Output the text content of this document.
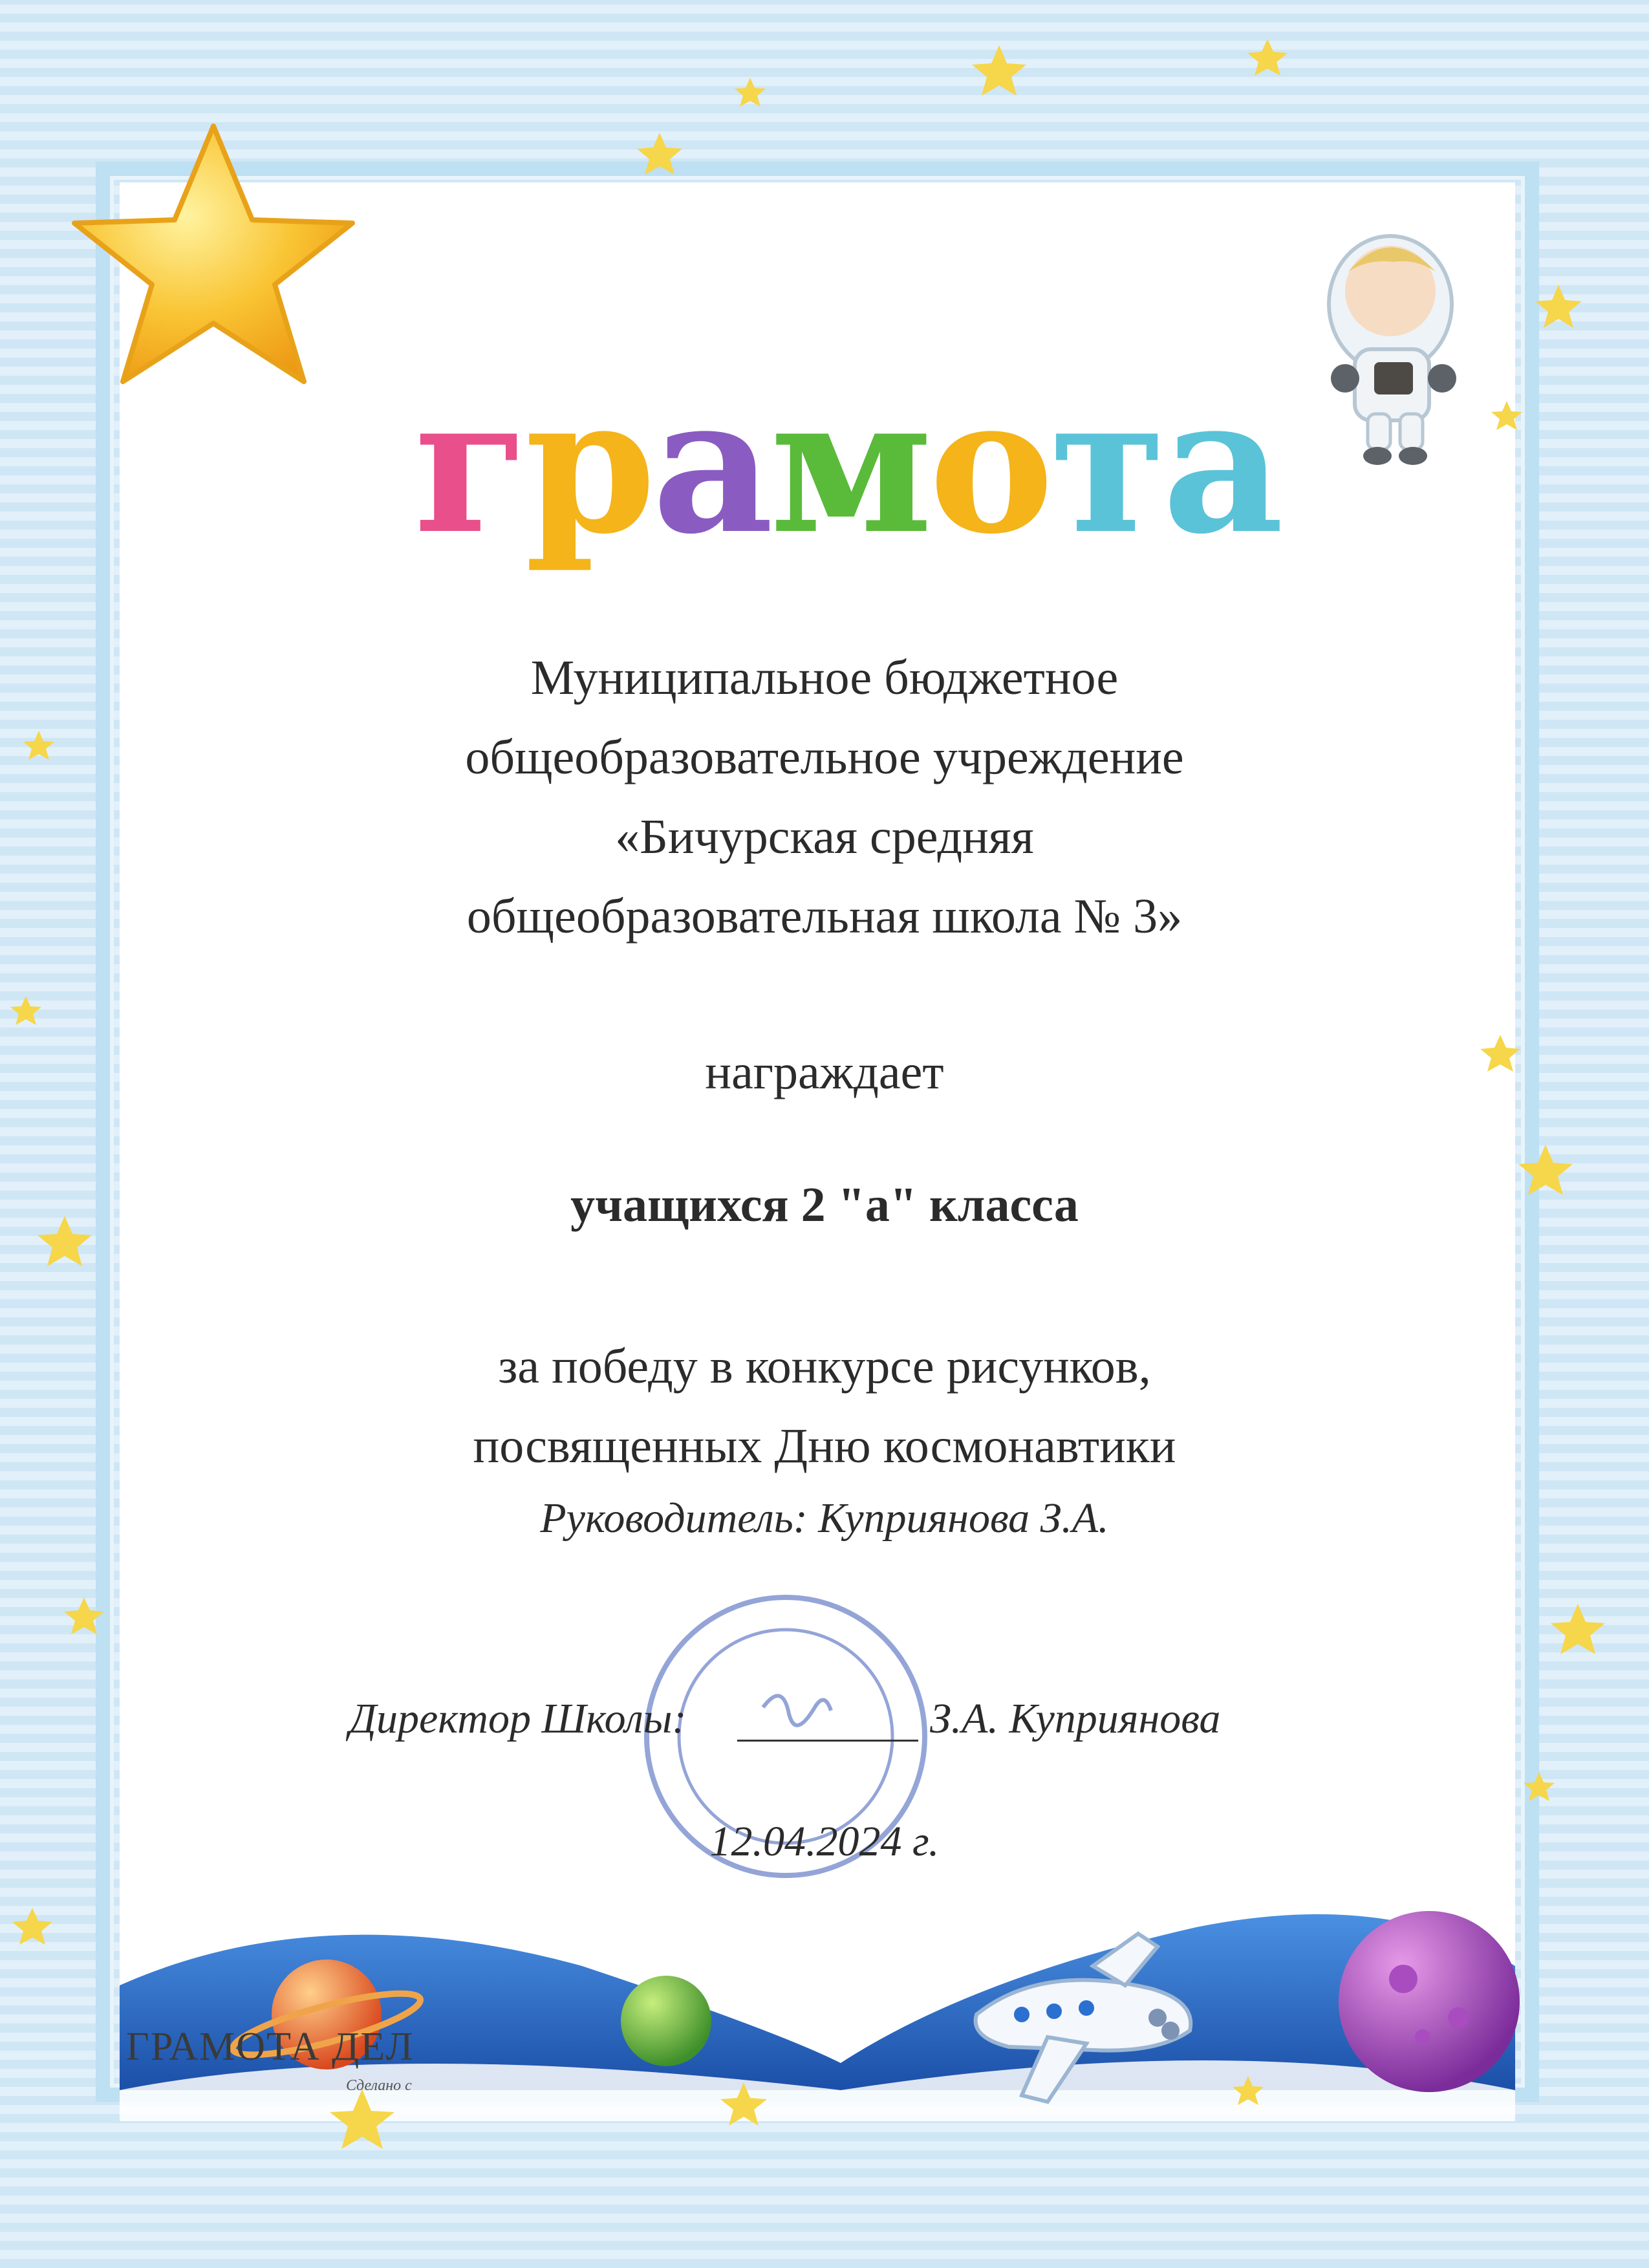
грамота
Муниципальное бюджетное
общеобразовательное учреждение
«Бичурская средняя
общеобразовательная школа № 3»
награждает
учащихся 2 "а" класса
за победу в конкурсе рисунков,
посвященных Дню космонавтики
Руководитель: Куприянова З.А.
Директор Школы:	З.А. Куприянова
12.04.2024 г.
ГРАМОТА ДЕЛ
Сделано с
